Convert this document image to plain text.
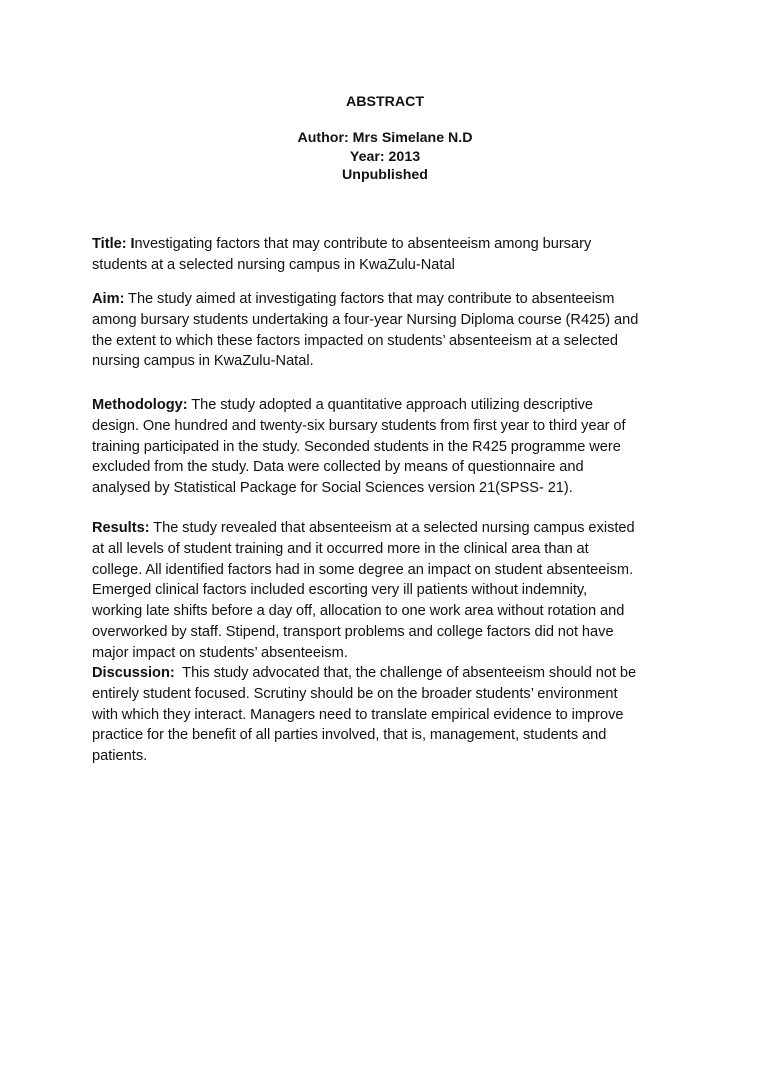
ABSTRACT
Author: Mrs Simelane N.D
Year: 2013
Unpublished

Title: Investigating factors that may contribute to absenteeism among bursary
students at a selected nursing campus in KwaZulu-Natal

Aim: The study aimed at investigating factors that may contribute to absenteeism
among bursary students undertaking a four-year Nursing Diploma course (R425) and
the extent to which these factors impacted on students’ absenteeism at a selected
nursing campus in KwaZulu-Natal.

Methodology: The study adopted a quantitative approach utilizing descriptive
design. One hundred and twenty-six bursary students from first year to third year of
training participated in the study. Seconded students in the R425 programme were
excluded from the study. Data were collected by means of questionnaire and
analysed by Statistical Package for Social Sciences version 21(SPSS- 21).

Results: The study revealed that absenteeism at a selected nursing campus existed
at all levels of student training and it occurred more in the clinical area than at
college. All identified factors had in some degree an impact on student absenteeism.
Emerged clinical factors included escorting very ill patients without indemnity,
working late shifts before a day off, allocation to one work area without rotation and
overworked by staff. Stipend, transport problems and college factors did not have
major impact on students’ absenteeism.

Discussion:  This study advocated that, the challenge of absenteeism should not be
entirely student focused. Scrutiny should be on the broader students’ environment
with which they interact. Managers need to translate empirical evidence to improve
practice for the benefit of all parties involved, that is, management, students and
patients.
